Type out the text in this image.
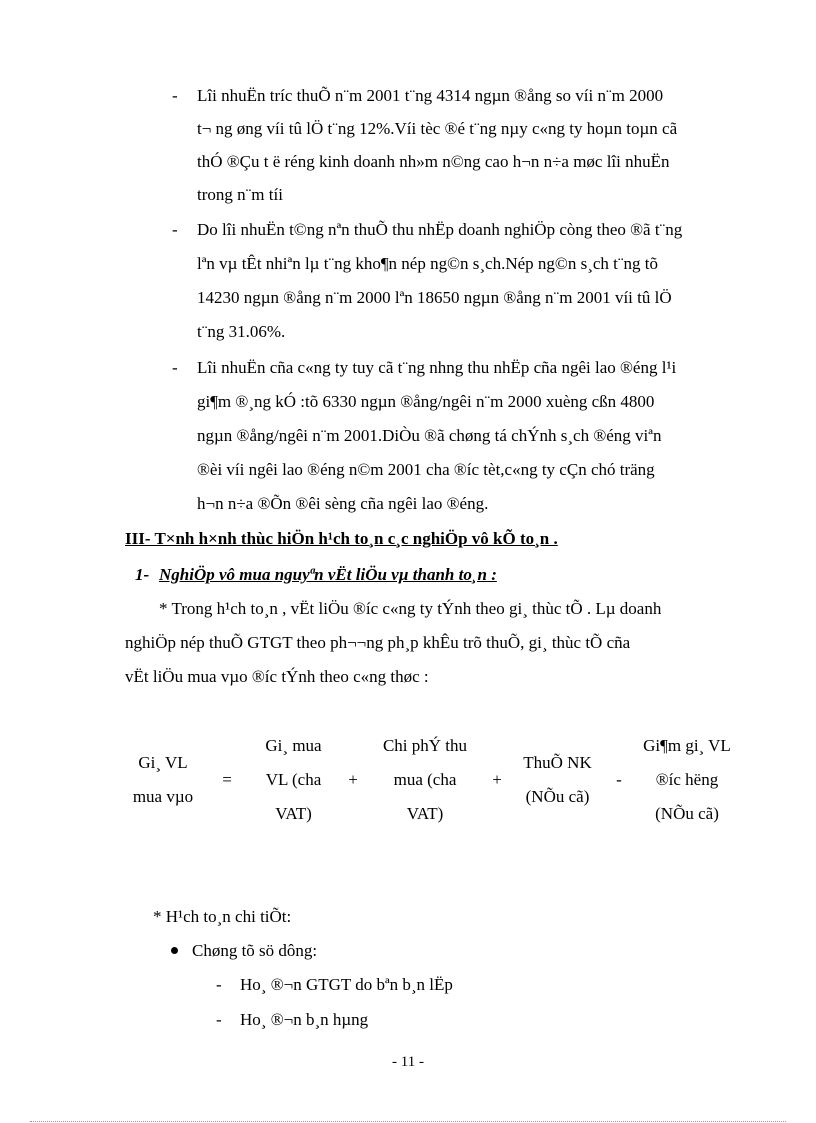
- Lîi nhuËn tríc thuÕ n¨m 2001 t¨ng 4314 ngµn ®ång so víi n¨m 2000
t¬ ng øng víi tû lÖ t¨ng 12%.Víi tèc ®é t¨ng nµy c«ng ty hoµn toµn cã
thÓ ®Çu t ë réng kinh doanh nh»m n©ng cao h¬n n÷a møc lîi nhuËn
trong n¨m tíi
- Do lîi nhuËn t©ng nªn thuÕ thu nhËp doanh nghiÖp còng theo ®ã t¨ng
lªn vµ tÊt nhiªn lµ t¨ng kho¶n nép ng©n s¸ch.Nép ng©n s¸ch t¨ng tõ
14230 ngµn ®ång n¨m 2000 lªn 18650 ngµn ®ång n¨m 2001 víi tû lÖ
t¨ng 31.06%.
- Lîi nhuËn cña c«ng ty tuy cã t¨ng nhng thu nhËp cña ngêi lao ®éng l¹i
gi¶m ®¸ng kÓ :tõ 6330 ngµn ®ång/ngêi n¨m 2000 xuèng cßn 4800
ngµn ®ång/ngêi n¨m 2001.DiÒu ®ã chøng tá chÝnh s¸ch ®éng viªn
®èi víi ngêi lao ®éng n©m 2001 cha ®íc tèt,c«ng ty cÇn chó träng
h¬n n÷a ®Õn ®êi sèng cña ngêi lao ®éng.
III- T×nh h×nh thùc hiÖn h¹ch to¸n c¸c nghiÖp vô kÕ to¸n .
1- NghiÖp vô mua nguyªn vËt liÖu vµ thanh to¸n :
* Trong h¹ch to¸n , vËt liÖu ®íc c«ng ty tÝnh theo gi¸ thùc tÕ . Lµ doanh
nghiÖp nép thuÕ GTGT theo ph¬¬ng ph¸p khÊu trõ thuÕ, gi¸ thùc tÕ cña
vËt liÖu mua vµo ®íc tÝnh theo c«ng thøc :
Gi¸ VL
mua vµo
=
Gi¸ mua
VL (cha
VAT)
+
Chi phÝ thu
mua (cha
VAT)
+
ThuÕ NK
(NÕu cã)
-
Gi¶m gi¸ VL
®íc hëng
(NÕu cã)
* H¹ch to¸n chi tiÕt:
Chøng tõ sö dông:
- Ho¸ ®¬n GTGT do bªn b¸n lËp
- Ho¸ ®¬n b¸n hµng
- 11 -
